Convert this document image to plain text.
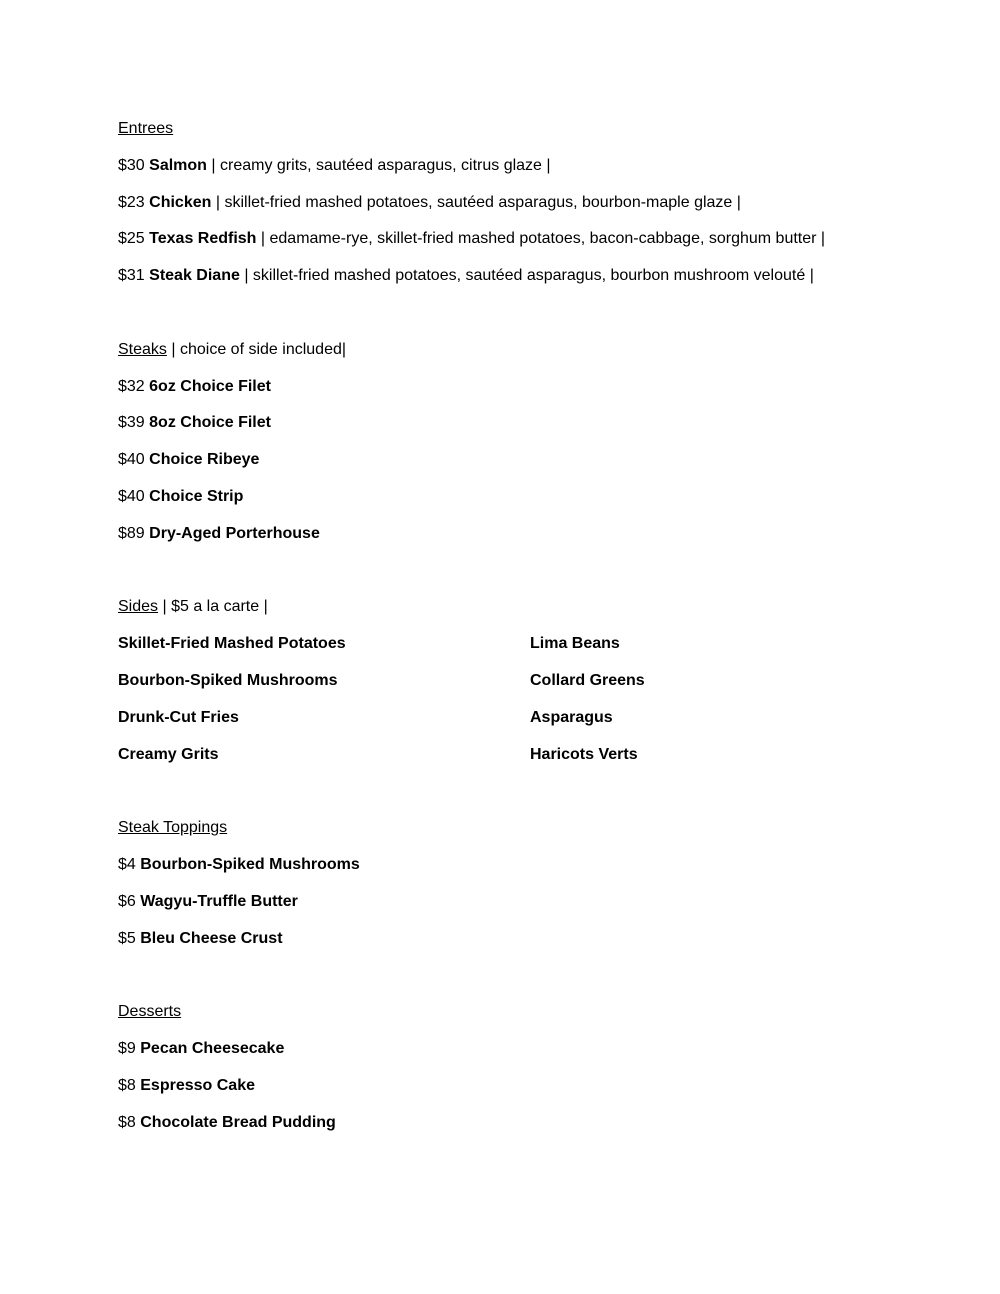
Entrees
$30 Salmon | creamy grits, sautéed asparagus, citrus glaze |
$23 Chicken | skillet-fried mashed potatoes, sautéed asparagus, bourbon-maple glaze |
$25 Texas Redfish | edamame-rye, skillet-fried mashed potatoes, bacon-cabbage, sorghum butter |
$31 Steak Diane | skillet-fried mashed potatoes, sautéed asparagus, bourbon mushroom velouté |
Steaks | choice of side included|
$32 6oz Choice Filet
$39 8oz Choice Filet
$40 Choice Ribeye
$40 Choice Strip
$89 Dry-Aged Porterhouse
Sides | $5 a la carte |
Skillet-Fried Mashed Potatoes	Lima Beans
Bourbon-Spiked Mushrooms	Collard Greens
Drunk-Cut Fries	Asparagus
Creamy Grits	Haricots Verts
Steak Toppings
$4 Bourbon-Spiked Mushrooms
$6 Wagyu-Truffle Butter
$5 Bleu Cheese Crust
Desserts
$9 Pecan Cheesecake
$8 Espresso Cake
$8 Chocolate Bread Pudding
